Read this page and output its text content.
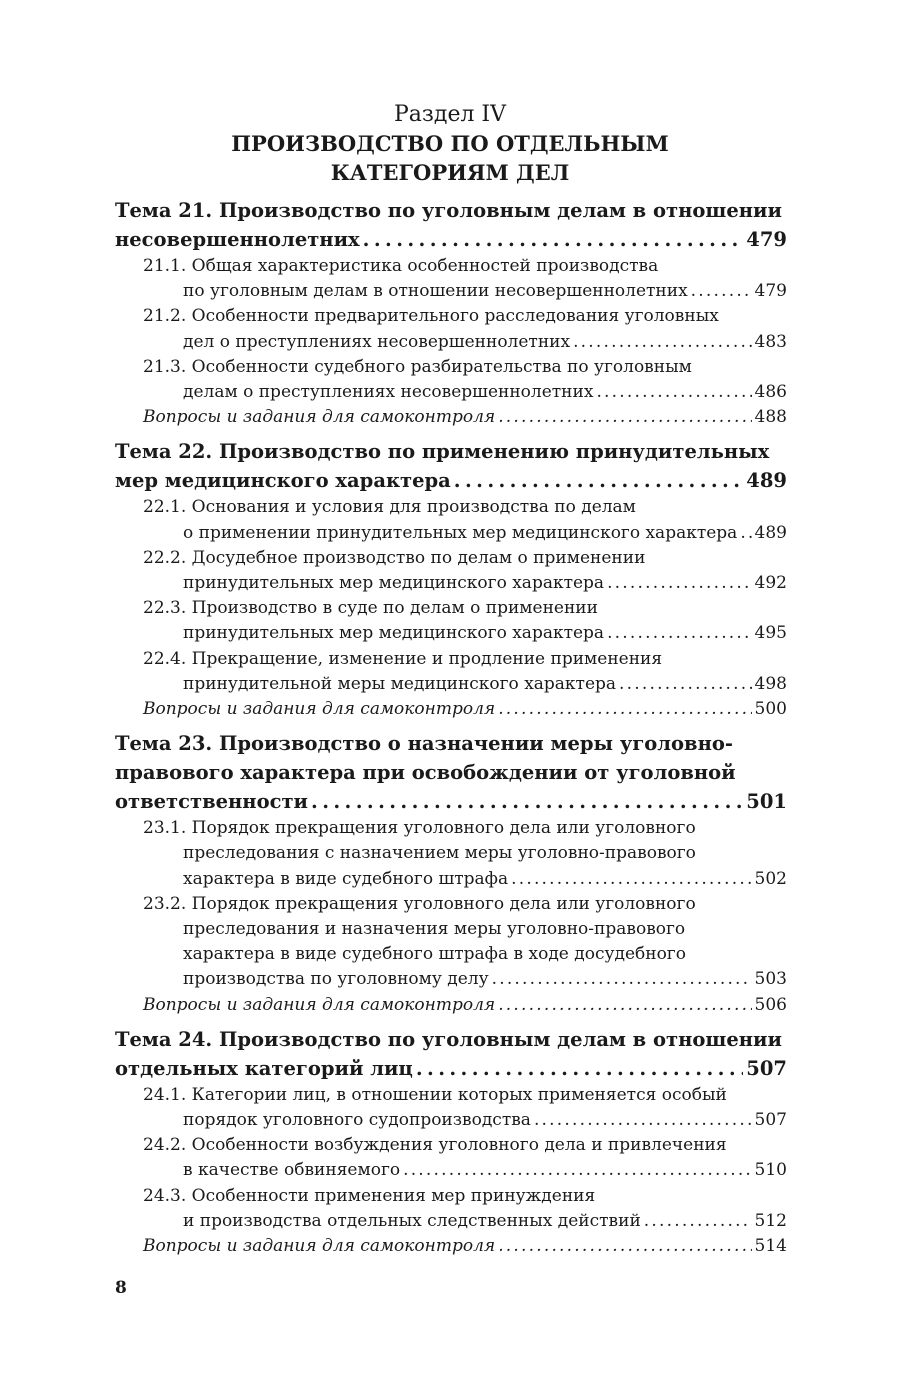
Раздел IV
ПРОИЗВОДСТВО ПО ОТДЕЛЬНЫМ
КАТЕГОРИЯМ ДЕЛ
Тема 21. Производство по уголовным делам в отношении
несовершеннолетних . . .	479
21.1. Общая характеристика особенностей производства
по уголовным делам в отношении несовершеннолетних . . .	479
21.2. Особенности предварительного расследования уголовных
дел о преступлениях несовершеннолетних . . .	483
21.3. Особенности судебного разбирательства по уголовным
делам о преступлениях несовершеннолетних . . .	486
Вопросы и задания для самоконтроля . . .	488
Тема 22. Производство по применению принудительных
мер медицинского характера . . .	489
22.1. Основания и условия для производства по делам
о применении принудительных мер медицинского характера . . . 489
22.2. Досудебное производство по делам о применении
принудительных мер медицинского характера . . .	492
22.3. Производство в суде по делам о применении
принудительных мер медицинского характера . . .	495
22.4. Прекращение, изменение и продление применения
принудительной меры медицинского характера . . .	498
Вопросы и задания для самоконтроля . . .	500
Тема 23. Производство о назначении меры уголовно-
правового характера при освобождении от уголовной
ответственности . . .	501
23.1. Порядок прекращения уголовного дела или уголовного
преследования с назначением меры уголовно-правового
характера в виде судебного штрафа . . .	502
23.2. Порядок прекращения уголовного дела или уголовного
преследования и назначения меры уголовно-правового
характера в виде судебного штрафа в ходе досудебного
производства по уголовному делу . . .	503
Вопросы и задания для самоконтроля . . .	506
Тема 24. Производство по уголовным делам в отношении
отдельных категорий лиц . . .	507
24.1. Категории лиц, в отношении которых применяется особый
порядок уголовного судопроизводства . . .	507
24.2. Особенности возбуждения уголовного дела и привлечения
в качестве обвиняемого . . .	510
24.3. Особенности применения мер принуждения
и производства отдельных следственных действий . . .	512
Вопросы и задания для самоконтроля . . .	514
8
